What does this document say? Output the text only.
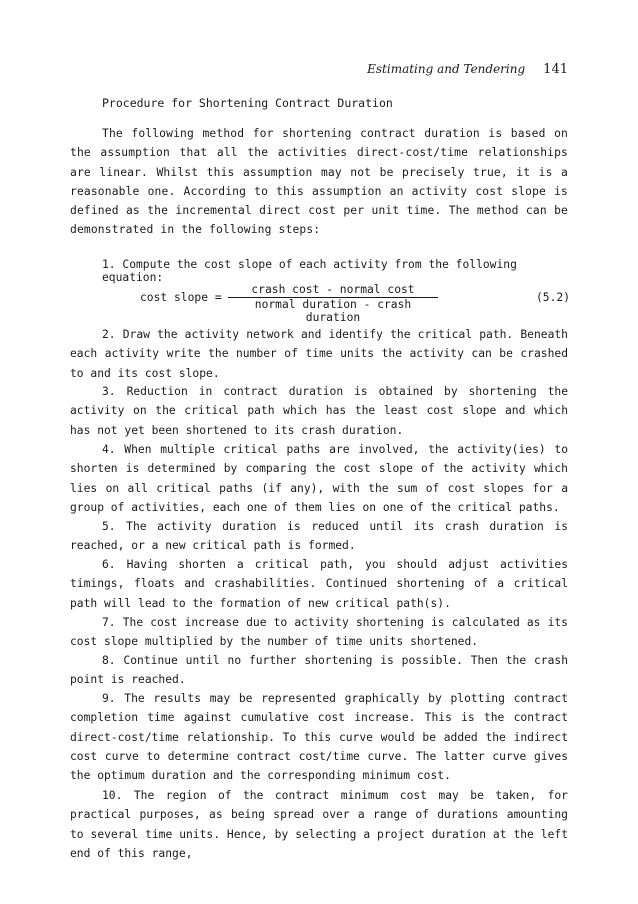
Estimating and Tendering 141
Procedure for Shortening Contract Duration
The following method for shortening contract duration is based on the assumption that all the activities direct-cost/time relationships are linear. Whilst this assumption may not be precisely true, it is a reasonable one. According to this assumption an activity cost slope is defined as the incremental direct cost per unit time. The method can be demonstrated in the following steps:
1. Compute the cost slope of each activity from the following equation:
cost slope =
crash cost - normal cost
normal duration - crash duration
(5.2)
2. Draw the activity network and identify the critical path. Beneath each activity write the number of time units the activity can be crashed to and its cost slope.
3. Reduction in contract duration is obtained by shortening the activity on the critical path which has the least cost slope and which has not yet been shortened to its crash duration.
4. When multiple critical paths are involved, the activity(ies) to shorten is determined by comparing the cost slope of the activity which lies on all critical paths (if any), with the sum of cost slopes for a group of activities, each one of them lies on one of the critical paths.
5. The activity duration is reduced until its crash duration is reached, or a new critical path is formed.
6. Having shorten a critical path, you should adjust activities timings, floats and crashabilities. Continued shortening of a critical path will lead to the formation of new critical path(s).
7. The cost increase due to activity shortening is calculated as its cost slope multiplied by the number of time units shortened.
8. Continue until no further shortening is possible. Then the crash point is reached.
9. The results may be represented graphically by plotting contract completion time against cumulative cost increase. This is the contract direct-cost/time relationship. To this curve would be added the indirect cost curve to determine contract cost/time curve. The latter curve gives the optimum duration and the corresponding minimum cost.
10. The region of the contract minimum cost may be taken, for practical purposes, as being spread over a range of durations amounting to several time units. Hence, by selecting a project duration at the left end of this range,
